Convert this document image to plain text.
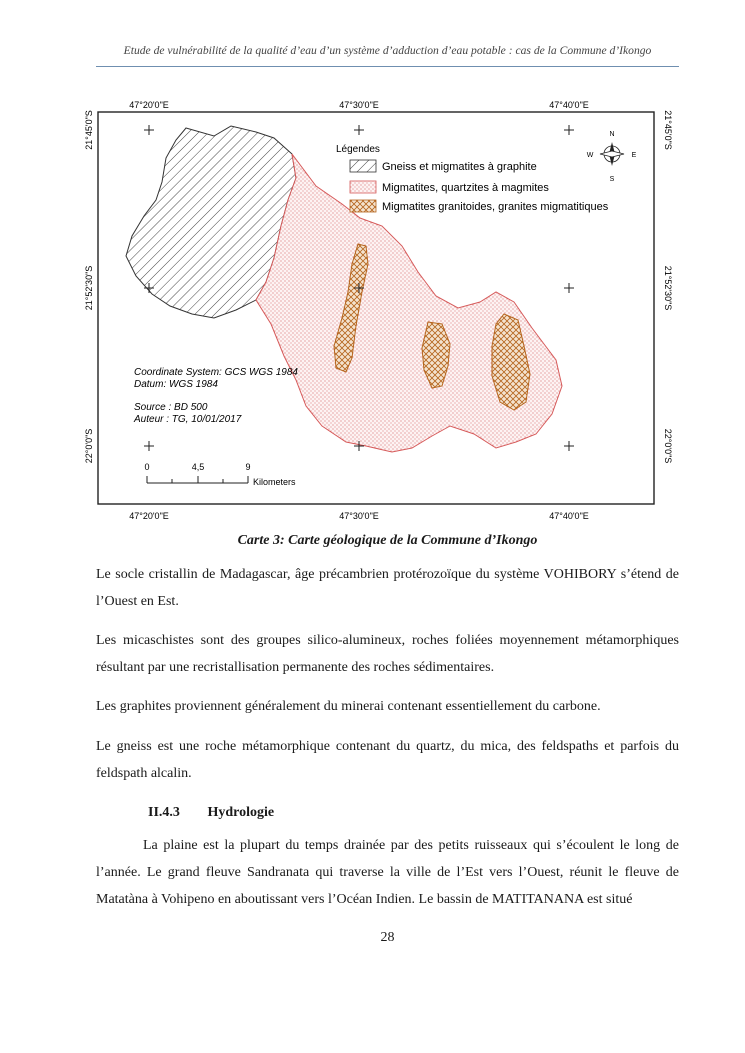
Etude de vulnérabilité de la qualité d’eau d’un système d’adduction d’eau potable : cas de la Commune d’Ikongo
47°20'0"E	47°30'0"E	47°40'0"E
47°20'0"E	47°30'0"E	47°40'0"E
21°45'0"S
21°52'30"S
22°0'0"S
21°45'0"S
21°52'30"S
22°0'0"S
Légendes
Gneiss et migmatites à graphite
Migmatites, quartzites à magmites
Migmatites granitoides, granites migmatitiques
N
S
E
W
Coordinate System: GCS WGS 1984
Datum: WGS 1984
Source : BD 500
Auteur : TG, 10/01/2017
0	4,5	9
Kilometers
Carte 3: Carte géologique de la Commune d’Ikongo

Le socle cristallin de Madagascar, âge précambrien protérozoïque du système VOHIBORY s’étend de l’Ouest en Est.

Les micaschistes sont des groupes silico-alumineux, roches foliées moyennement métamorphiques résultant par une recristallisation permanente des roches sédimentaires.

Les graphites proviennent généralement du minerai contenant essentiellement du carbone.

Le gneiss est une roche métamorphique contenant du quartz, du mica, des feldspaths et parfois du feldspath alcalin.

II.4.3 Hydrologie

La plaine est la plupart du temps drainée par des petits ruisseaux qui s’écoulent le long de l’année. Le grand fleuve Sandranata qui traverse la ville de l’Est vers l’Ouest, réunit le fleuve de Matatàna à Vohipeno en aboutissant vers l’Océan Indien. Le bassin de MATITANANA est situé

28
